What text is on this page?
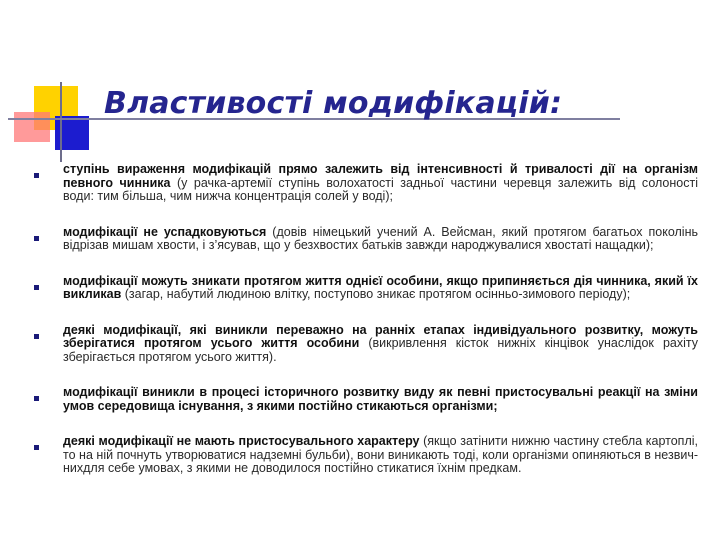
Властивості модифікацій:
ступінь вираження модифікацій прямо залежить від інтенсивності й тривалості дії на організм певного чинника (у рачка-артемії ступінь волохатості задньої частини черевця залежить від солоності води: тим більша, чим нижча концентрація солей у воді);
модифікації не успадковуються (довів німецький учений А. Вейсман, який протягом багатьох поколінь відрізав мишам хвости, і з’ясував, що у безхвостих батьків завжди народжувалися хвостаті нащадки);
модифікації можуть зникати протягом життя однієї особини, якщо припиняється дія чинника, який їх викликав (загар, набутий людиною влітку, поступово зникає протягом осінньо-зимового періоду);
деякі модифікації, які виникли переважно на ранніх етапах індивідуального розвитку, можуть зберігатися протягом усього життя особини (викривлення кісток нижніх кінцівок унаслідок рахіту зберігається протягом усього життя).
модифікації виникли в процесі історичного розвитку виду як певні пристосувальні реакції на зміни умов середовища існування, з якими постійно стикаються організми;
деякі модифікації не мають пристосувального характеру (якщо затінити нижню частину стебла картоплі, то на ній почнуть утворюватися надземні бульби), вони виникають тоді, коли організми опиняються в незвич-нихдля себе умовах, з якими не доводилося постійно стикатися їхнім предкам.
